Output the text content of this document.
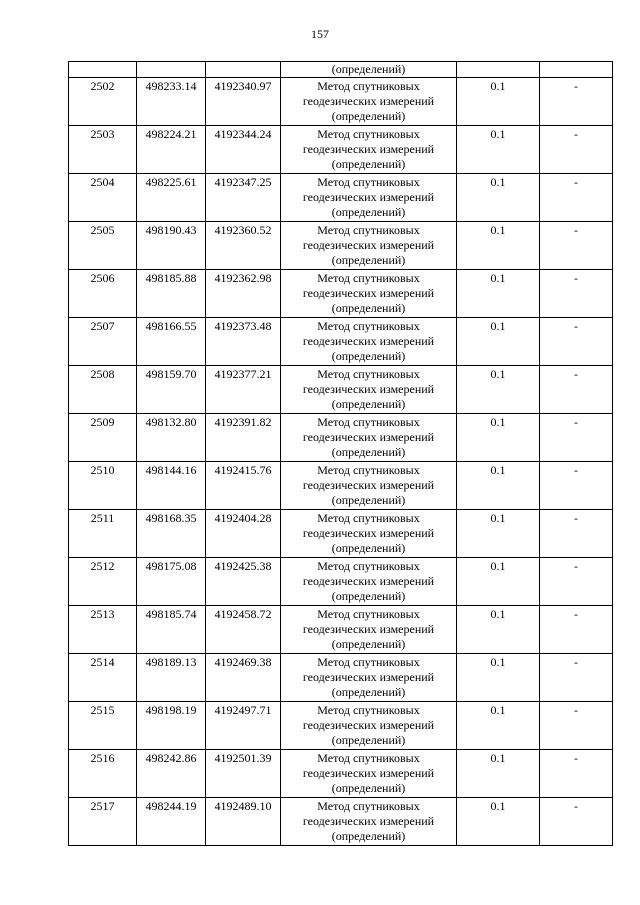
157
			(определений)		
2502	498233.14	4192340.97	Метод спутниковых
геодезических измерений
(определений)	0.1	-
2503	498224.21	4192344.24	Метод спутниковых
геодезических измерений
(определений)	0.1	-
2504	498225.61	4192347.25	Метод спутниковых
геодезических измерений
(определений)	0.1	-
2505	498190.43	4192360.52	Метод спутниковых
геодезических измерений
(определений)	0.1	-
2506	498185.88	4192362.98	Метод спутниковых
геодезических измерений
(определений)	0.1	-
2507	498166.55	4192373.48	Метод спутниковых
геодезических измерений
(определений)	0.1	-
2508	498159.70	4192377.21	Метод спутниковых
геодезических измерений
(определений)	0.1	-
2509	498132.80	4192391.82	Метод спутниковых
геодезических измерений
(определений)	0.1	-
2510	498144.16	4192415.76	Метод спутниковых
геодезических измерений
(определений)	0.1	-
2511	498168.35	4192404.28	Метод спутниковых
геодезических измерений
(определений)	0.1	-
2512	498175.08	4192425.38	Метод спутниковых
геодезических измерений
(определений)	0.1	-
2513	498185.74	4192458.72	Метод спутниковых
геодезических измерений
(определений)	0.1	-
2514	498189.13	4192469.38	Метод спутниковых
геодезических измерений
(определений)	0.1	-
2515	498198.19	4192497.71	Метод спутниковых
геодезических измерений
(определений)	0.1	-
2516	498242.86	4192501.39	Метод спутниковых
геодезических измерений
(определений)	0.1	-
2517	498244.19	4192489.10	Метод спутниковых
геодезических измерений
(определений)	0.1	-
